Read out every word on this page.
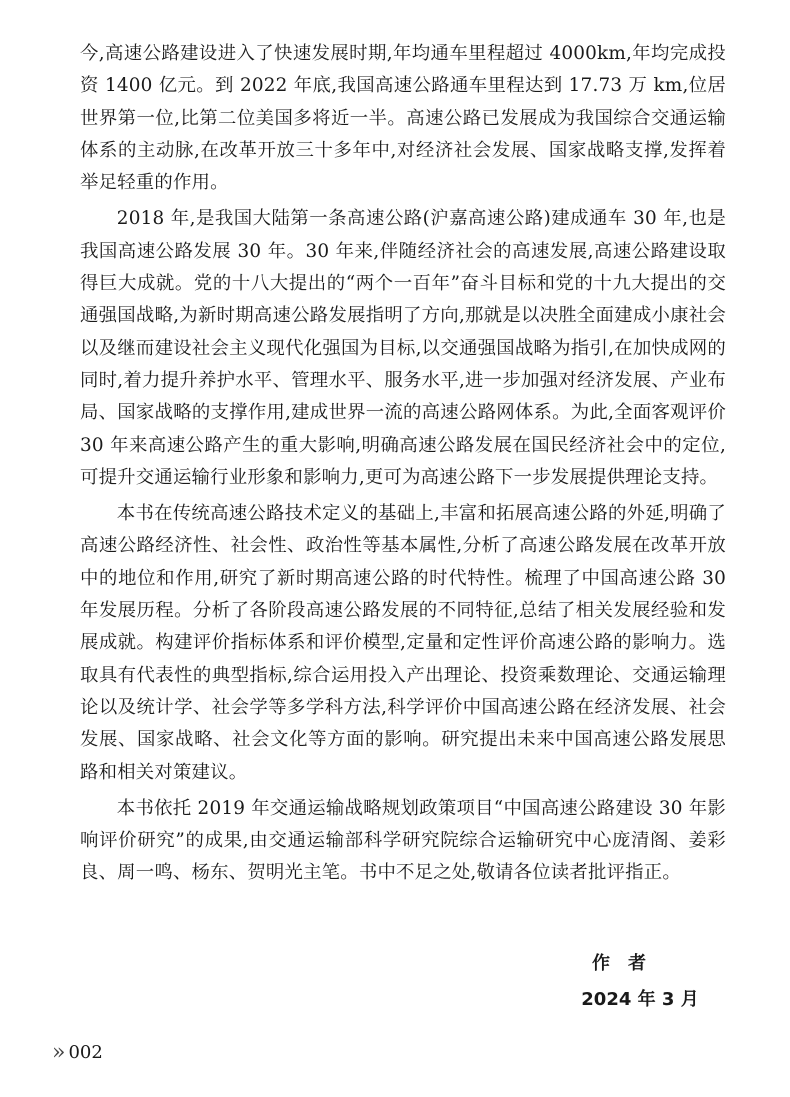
今,高速公路建设进入了快速发展时期,年均通车里程超过 4000km,年均完成投资 1400 亿元。到 2022 年底,我国高速公路通车里程达到 17.73 万 km,位居世界第一位,比第二位美国多将近一半。高速公路已发展成为我国综合交通运输体系的主动脉,在改革开放三十多年中,对经济社会发展、国家战略支撑,发挥着举足轻重的作用。

2018 年,是我国大陆第一条高速公路(沪嘉高速公路)建成通车 30 年,也是我国高速公路发展 30 年。30 年来,伴随经济社会的高速发展,高速公路建设取得巨大成就。党的十八大提出的“两个一百年”奋斗目标和党的十九大提出的交通强国战略,为新时期高速公路发展指明了方向,那就是以决胜全面建成小康社会以及继而建设社会主义现代化强国为目标,以交通强国战略为指引,在加快成网的同时,着力提升养护水平、管理水平、服务水平,进一步加强对经济发展、产业布局、国家战略的支撑作用,建成世界一流的高速公路网体系。为此,全面客观评价 30 年来高速公路产生的重大影响,明确高速公路发展在国民经济社会中的定位,可提升交通运输行业形象和影响力,更可为高速公路下一步发展提供理论支持。

本书在传统高速公路技术定义的基础上,丰富和拓展高速公路的外延,明确了高速公路经济性、社会性、政治性等基本属性,分析了高速公路发展在改革开放中的地位和作用,研究了新时期高速公路的时代特性。梳理了中国高速公路 30 年发展历程。分析了各阶段高速公路发展的不同特征,总结了相关发展经验和发展成就。构建评价指标体系和评价模型,定量和定性评价高速公路的影响力。选取具有代表性的典型指标,综合运用投入产出理论、投资乘数理论、交通运输理论以及统计学、社会学等多学科方法,科学评价中国高速公路在经济发展、社会发展、国家战略、社会文化等方面的影响。研究提出未来中国高速公路发展思路和相关对策建议。

本书依托 2019 年交通运输战略规划政策项目“中国高速公路建设 30 年影响评价研究”的成果,由交通运输部科学研究院综合运输研究中心庞清阁、姜彩良、周一鸣、杨东、贺明光主笔。书中不足之处,敬请各位读者批评指正。

作者
2024 年 3 月
» 002
